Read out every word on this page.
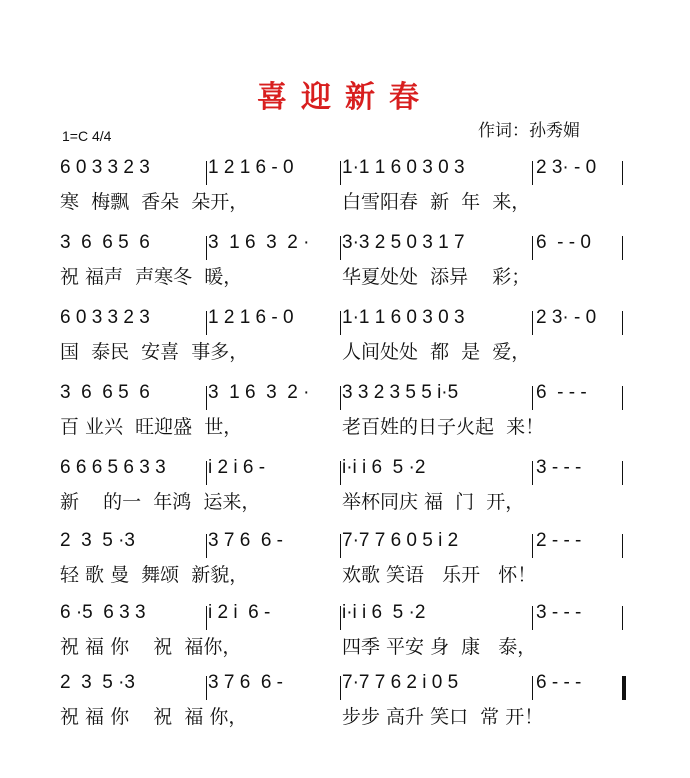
喜迎新春
作词：孙秀媚
1=C 4/4
6 0 3 3 2 3	1 2 1 6 - 0	1·1 1 6 0 3 0 3	2 3· - 0
寒  梅飘  香朵  朵开，	白雪阳春  新  年  来，
3  6  6 5  6	3  1 6  3  2 · 3·3 2 5 0 3 1 7	6  - - 0
祝 福声  声寒冬  暖，	华夏处处  添异    彩；
6 0 3 3 2 3	1 2 1 6 - 0	1·1 1 6 0 3 0 3	2 3· - 0
国  泰民  安喜  事多，	人间处处  都  是  爱，
3  6  6 5  6	3  1 6  3  2 · 3 3 2 3 5 5 i·5	6  - - -
百 业兴  旺迎盛  世，	老百姓的日子火起  来！
6 6 6 5 6 3 3 i 2 i 6 -	i·i i 6  5 ·2	3 - - -
新    的一  年鸿  运来，	举杯同庆 福  门  开，
2  3  5 ·3	3 7 6  6 -	7·7 7 6 0 5 i 2	2 - - -
轻 歌 曼  舞颂  新貌，	欢歌 笑语   乐开   怀！
6 ·5  6 3 3	i 2 i  6 -	i·i i 6  5 ·2	3 - - -
祝 福 你    祝  福你，	四季 平安 身  康   泰，
2  3  5 ·3	3 7 6  6 -	7·7 7 6 2 i 0 5	6 - - -
祝 福 你    祝  福 你，	步步 高升 笑口  常 开！
